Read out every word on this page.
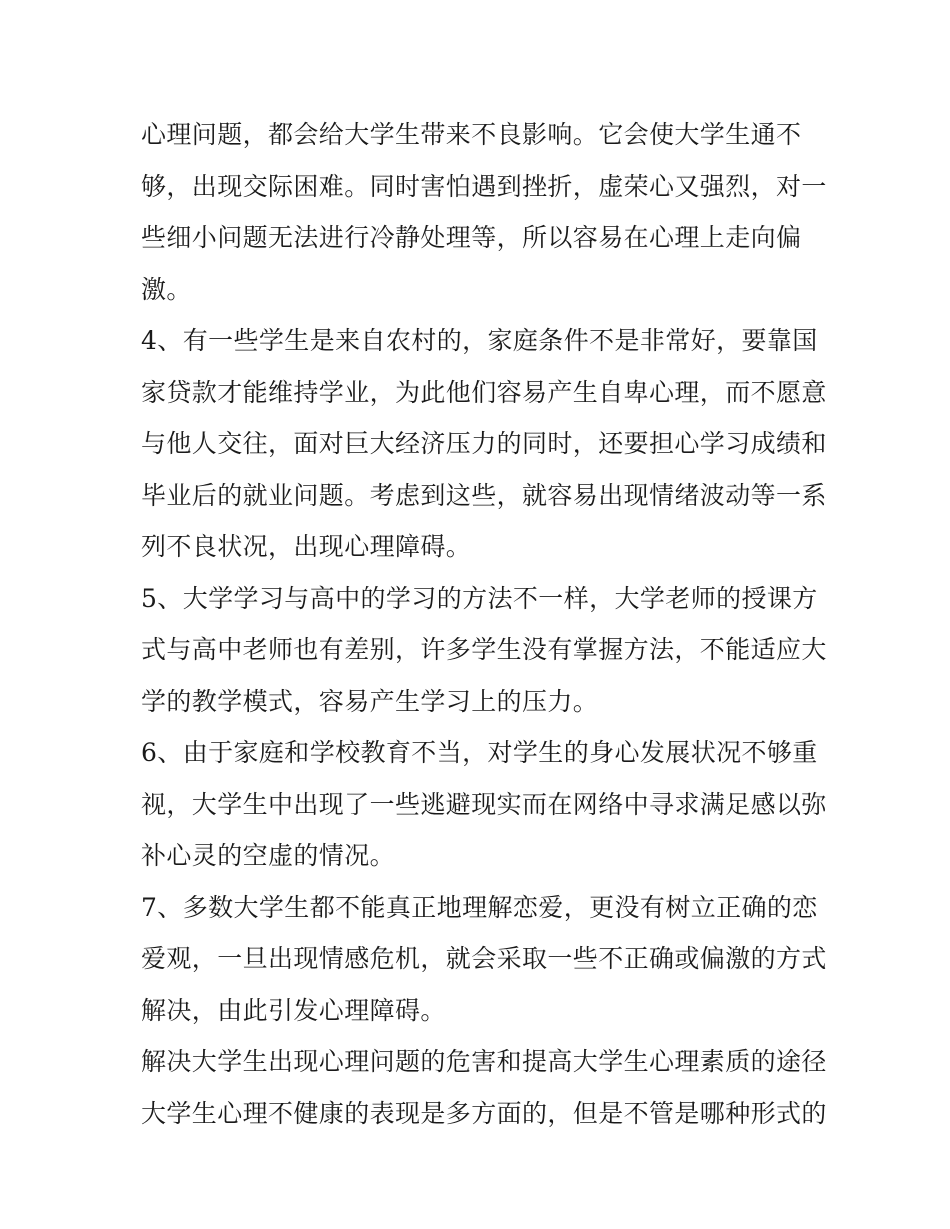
心理问题，都会给大学生带来不良影响。它会使大学生通不
够，出现交际困难。同时害怕遇到挫折，虚荣心又强烈，对一
些细小问题无法进行冷静处理等，所以容易在心理上走向偏
激。
4、有一些学生是来自农村的，家庭条件不是非常好，要靠国
家贷款才能维持学业，为此他们容易产生自卑心理，而不愿意
与他人交往，面对巨大经济压力的同时，还要担心学习成绩和
毕业后的就业问题。考虑到这些，就容易出现情绪波动等一系
列不良状况，出现心理障碍。
5、大学学习与高中的学习的方法不一样，大学老师的授课方
式与高中老师也有差别，许多学生没有掌握方法，不能适应大
学的教学模式，容易产生学习上的压力。
6、由于家庭和学校教育不当，对学生的身心发展状况不够重
视，大学生中出现了一些逃避现实而在网络中寻求满足感以弥
补心灵的空虚的情况。
7、多数大学生都不能真正地理解恋爱，更没有树立正确的恋
爱观，一旦出现情感危机，就会采取一些不正确或偏激的方式
解决，由此引发心理障碍。
解决大学生出现心理问题的危害和提高大学生心理素质的途径
大学生心理不健康的表现是多方面的，但是不管是哪种形式的
